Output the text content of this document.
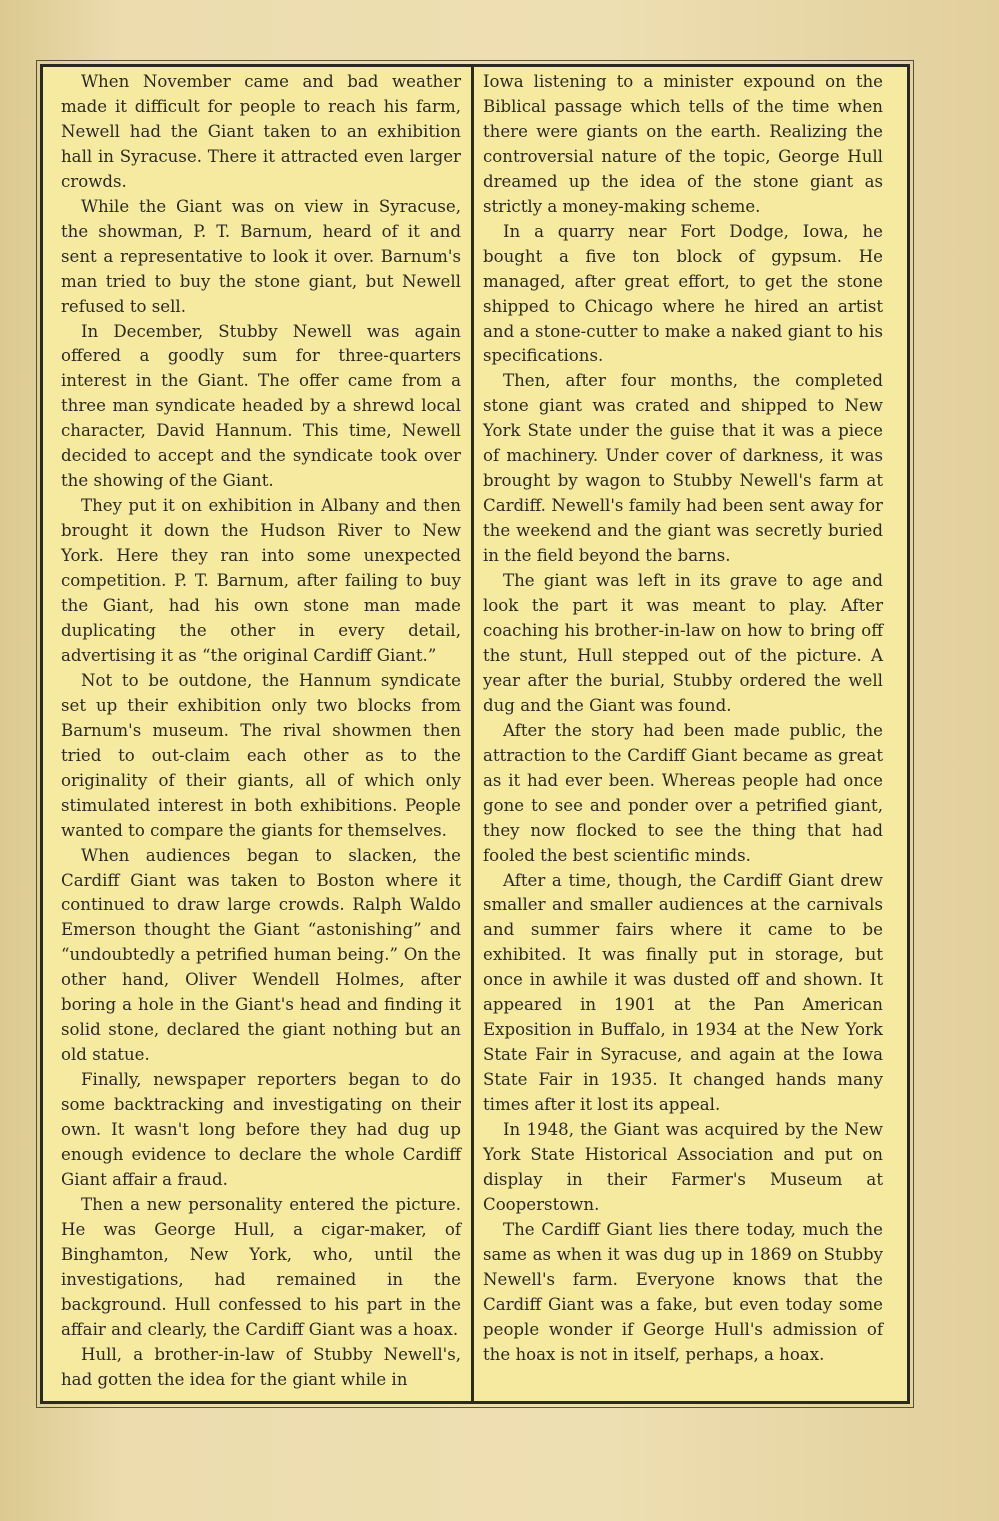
When November came and bad weather made it difficult for people to reach his farm, Newell had the Giant taken to an exhibition hall in Syracuse. There it attracted even larger crowds.

While the Giant was on view in Syracuse, the showman, P. T. Barnum, heard of it and sent a representative to look it over. Barnum's man tried to buy the stone giant, but Newell refused to sell.

In December, Stubby Newell was again offered a goodly sum for three-quarters interest in the Giant. The offer came from a three man syndicate headed by a shrewd local character, David Hannum. This time, Newell decided to accept and the syndicate took over the showing of the Giant.

They put it on exhibition in Albany and then brought it down the Hudson River to New York. Here they ran into some unexpected competition. P. T. Barnum, after failing to buy the Giant, had his own stone man made duplicating the other in every detail, advertising it as “the original Cardiff Giant.”

Not to be outdone, the Hannum syndicate set up their exhibition only two blocks from Barnum's museum. The rival showmen then tried to out-claim each other as to the originality of their giants, all of which only stimulated interest in both exhibitions. People wanted to compare the giants for themselves.

When audiences began to slacken, the Cardiff Giant was taken to Boston where it continued to draw large crowds. Ralph Waldo Emerson thought the Giant “astonishing” and “undoubtedly a petrified human being.” On the other hand, Oliver Wendell Holmes, after boring a hole in the Giant's head and finding it solid stone, declared the giant nothing but an old statue.

Finally, newspaper reporters began to do some backtracking and investigating on their own. It wasn't long before they had dug up enough evidence to declare the whole Cardiff Giant affair a fraud.

Then a new personality entered the picture. He was George Hull, a cigar-maker, of Binghamton, New York, who, until the investigations, had remained in the background. Hull confessed to his part in the affair and clearly, the Cardiff Giant was a hoax.

Hull, a brother-in-law of Stubby Newell's, had gotten the idea for the giant while in

Iowa listening to a minister expound on the Biblical passage which tells of the time when there were giants on the earth. Realizing the controversial nature of the topic, George Hull dreamed up the idea of the stone giant as strictly a money-making scheme.

In a quarry near Fort Dodge, Iowa, he bought a five ton block of gypsum. He managed, after great effort, to get the stone shipped to Chicago where he hired an artist and a stone-cutter to make a naked giant to his specifications.

Then, after four months, the completed stone giant was crated and shipped to New York State under the guise that it was a piece of machinery. Under cover of darkness, it was brought by wagon to Stubby Newell's farm at Cardiff. Newell's family had been sent away for the weekend and the giant was secretly buried in the field beyond the barns.

The giant was left in its grave to age and look the part it was meant to play. After coaching his brother-in-law on how to bring off the stunt, Hull stepped out of the picture. A year after the burial, Stubby ordered the well dug and the Giant was found.

After the story had been made public, the attraction to the Cardiff Giant became as great as it had ever been. Whereas people had once gone to see and ponder over a petrified giant, they now flocked to see the thing that had fooled the best scientific minds.

After a time, though, the Cardiff Giant drew smaller and smaller audiences at the carnivals and summer fairs where it came to be exhibited. It was finally put in storage, but once in awhile it was dusted off and shown. It appeared in 1901 at the Pan American Exposition in Buffalo, in 1934 at the New York State Fair in Syracuse, and again at the Iowa State Fair in 1935. It changed hands many times after it lost its appeal.

In 1948, the Giant was acquired by the New York State Historical Association and put on display in their Farmer's Museum at Cooperstown.

The Cardiff Giant lies there today, much the same as when it was dug up in 1869 on Stubby Newell's farm. Everyone knows that the Cardiff Giant was a fake, but even today some people wonder if George Hull's admission of the hoax is not in itself, perhaps, a hoax.
